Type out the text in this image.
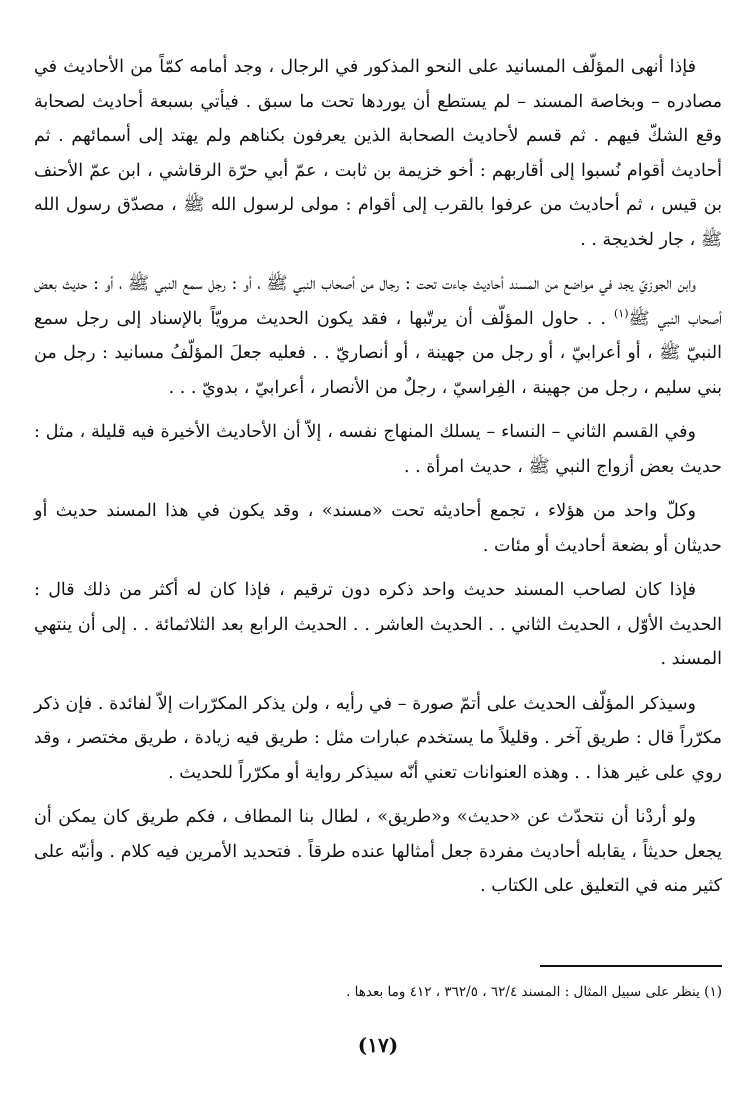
فإذا أنهى المؤلّف المسانيد على النحو المذكور في الرجال ، وجد أمامه كمّاً من الأحاديث في مصادره – وبخاصة المسند – لم يستطع أن يوردها تحت ما سبق . فيأتي بسبعة أحاديث لصحابة وقع الشكّ فيهم . ثم قسم لأحاديث الصحابة الذين يعرفون بكناهم ولم يهتد إلى أسمائهم . ثم أحاديث أقوام نُسبوا إلى أقاربهم : أخو خزيمة بن ثابت ، عمّ أبي حرّة الرقاشي ، ابن عمّ الأحنف بن قيس ، ثم أحاديث من عرفوا بالقرب إلى أقوام : مولى لرسول الله ﷺ ، مصدّق رسول الله ﷺ ، جار لخديجة . .

وابن الجوزيّ يجد في مواضع من المسند أحاديث جاءت تحت : رجال من أصحاب النبي ﷺ ، أو : رجل سمع النبي ﷺ ، أو : حديث بعض أصحاب النبي ﷺ$^{(١)}$ . . حاول المؤلّف أن يرتّبها ، فقد يكون الحديث مرويّاً بالإسناد إلى رجل سمع النبيّ ﷺ ، أو أعرابيّ ، أو رجل من جهينة ، أو أنصاريّ . . فعليه جعلَ المؤلّفُ مسانيد : رجل من بني سليم ، رجل من جهينة ، الفِراسيّ ، رجلٌ من الأنصار ، أعرابيّ ، بدويّ . . .

وفي القسم الثاني – النساء – يسلك المنهاج نفسه ، إلاّ أن الأحاديث الأخيرة فيه قليلة ، مثل : حديث بعض أزواج النبي ﷺ ، حديث امرأة . .

وكلّ واحد من هؤلاء ، تجمع أحاديثه تحت «مسند» ، وقد يكون في هذا المسند حديث أو حديثان أو بضعة أحاديث أو مئات .

فإذا كان لصاحب المسند حديث واحد ذكره دون ترقيم ، فإذا كان له أكثر من ذلك قال : الحديث الأوّل ، الحديث الثاني . . الحديث العاشر . . الحديث الرابع بعد الثلاثمائة . . إلى أن ينتهي المسند .

وسيذكر المؤلّف الحديث على أتمّ صورة – في رأيه ، ولن يذكر المكرّرات إلاّ لفائدة . فإن ذكر مكرّراً قال : طريق آخر . وقليلاً ما يستخدم عبارات مثل : طريق فيه زيادة ، طريق مختصر ، وقد روي على غير هذا . . وهذه العنوانات تعني أنّه سيذكر رواية أو مكرّراً للحديث .

ولو أردْنا أن نتحدّث عن «حديث» و«طريق» ، لطال بنا المطاف ، فكم طريق كان يمكن أن يجعل حديثاً ، يقابله أحاديث مفردة جعل أمثالها عنده طرقاً . فتحديد الأمرين فيه كلام . وأنبّه على كثير منه في التعليق على الكتاب .

(١) ينظر على سبيل المثال : المسند ٦٢/٤ ، ٣٦٢/٥ ، ٤١٢ وما بعدها .
(١٧)
